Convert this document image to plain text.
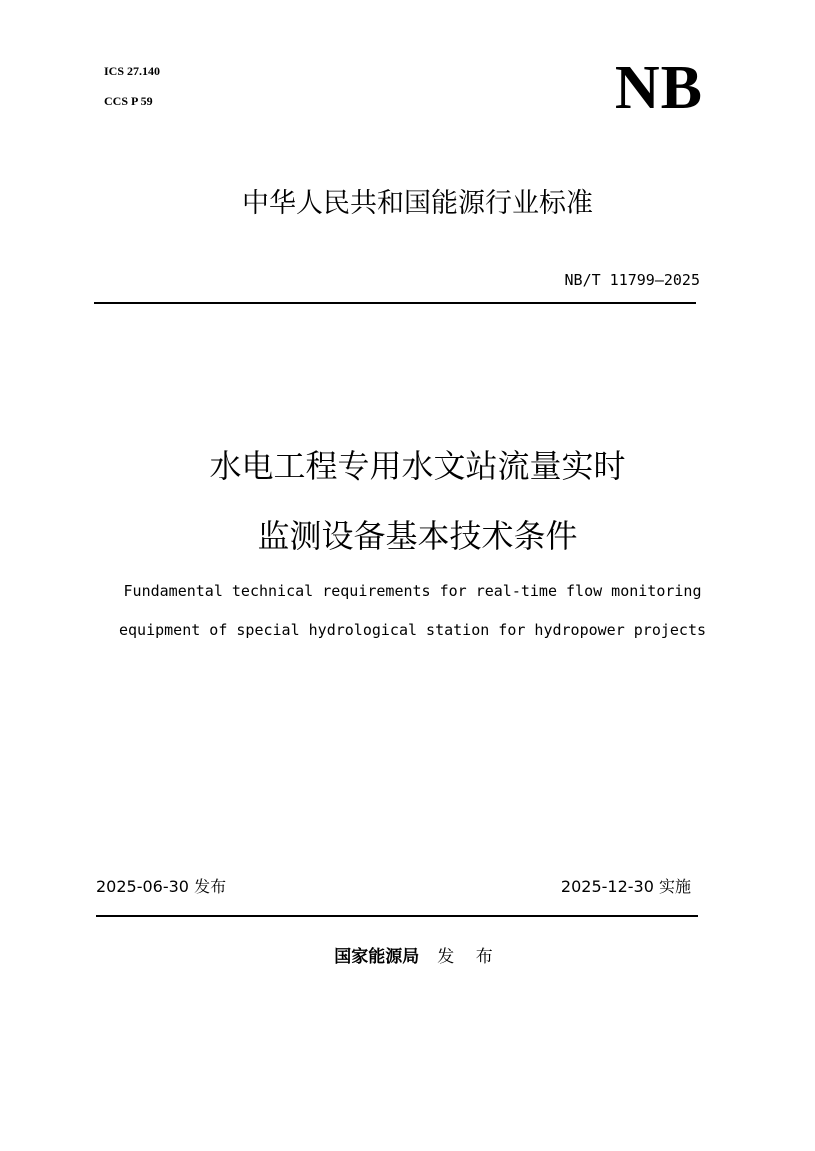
ICS 27.140
CCS P 59	NB
中华人民共和国能源行业标准
NB/T 11799—2025
水电工程专用水文站流量实时
监测设备基本技术条件
Fundamental technical requirements for real-time flow monitoring
equipment of special hydrological station for hydropower projects
2025-06-30 发布	2025-12-30 实施
国家能源局 发 布
